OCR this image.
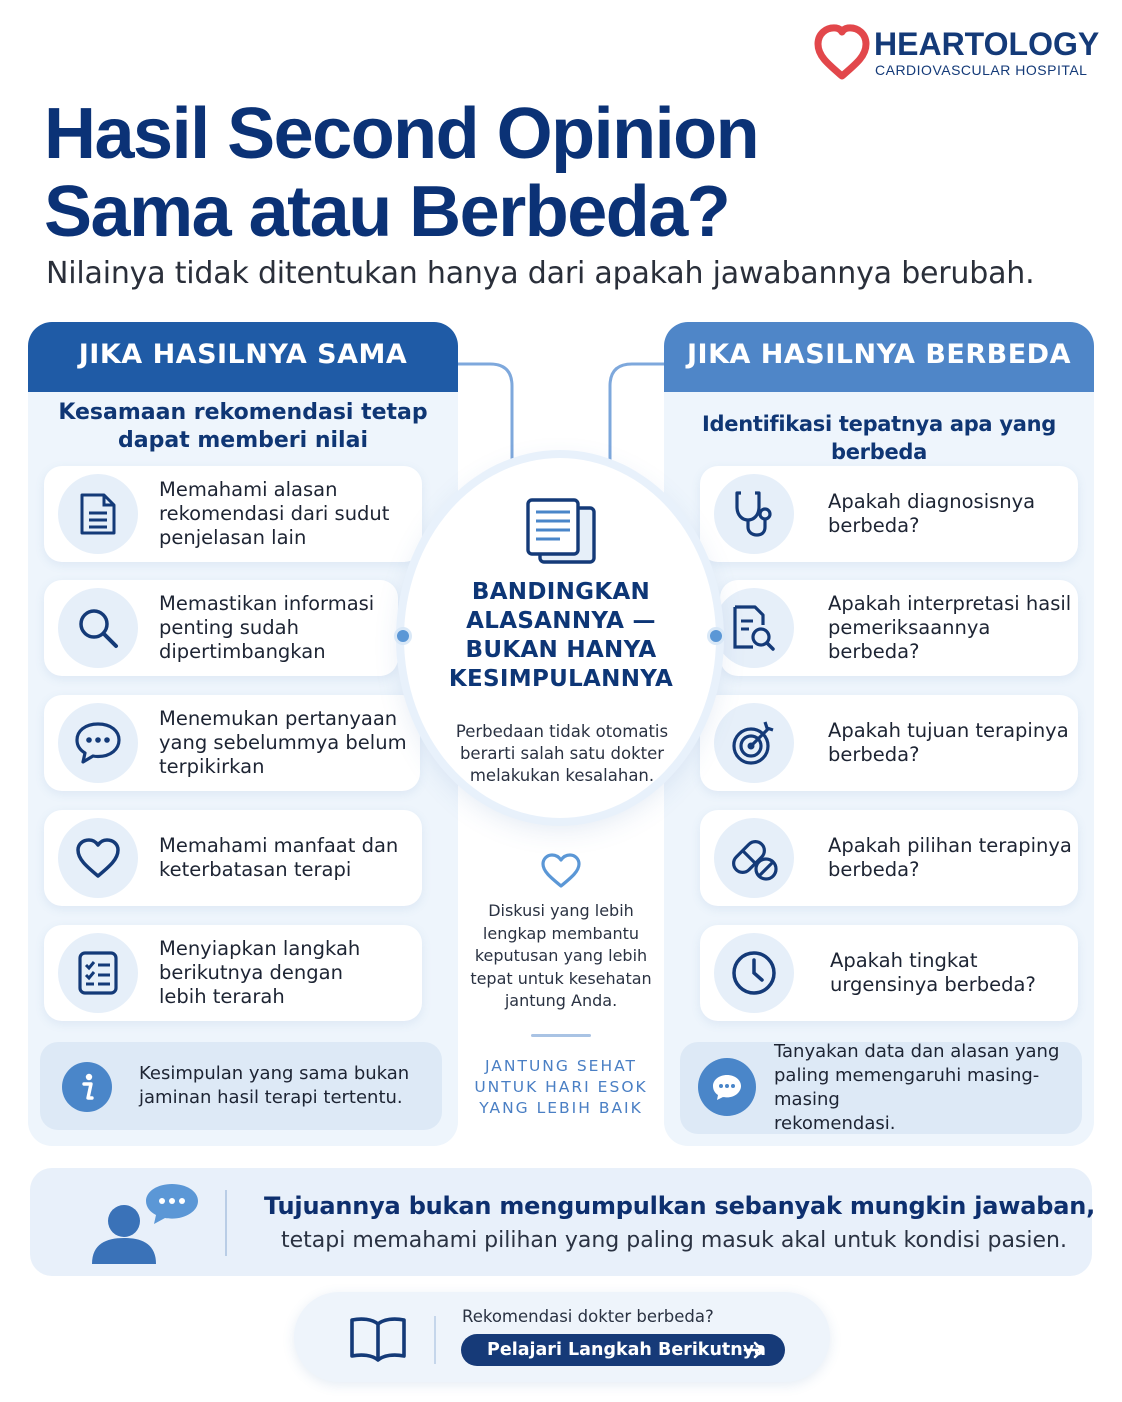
HEARTOLOGY
CARDIOVASCULAR HOSPITAL
Hasil Second Opinion
Sama atau Berbeda?
Nilainya tidak ditentukan hanya dari apakah jawabannya berubah.
JIKA HASILNYA SAMA
Kesamaan rekomendasi tetap
dapat memberi nilai
Memahami alasan
rekomendasi dari sudut
penjelasan lain
Memastikan informasi
penting sudah
dipertimbangkan
Menemukan pertanyaan
yang sebelummya belum
terpikirkan
Memahami manfaat dan
keterbatasan terapi
Menyiapkan langkah
berikutnya dengan
lebih terarah
Kesimpulan yang sama bukan
jaminan hasil terapi tertentu.
JIKA HASILNYA BERBEDA
Identifikasi tepatnya apa yang berbeda
Apakah diagnosisnya
berbeda?
Apakah interpretasi hasil
pemeriksaannya
berbeda?
Apakah tujuan terapinya
berbeda?
Apakah pilihan terapinya
berbeda?
Apakah tingkat
urgensinya berbeda?
Tanyakan data dan alasan yang
paling memengaruhi masing-masing
rekomendasi.
BANDINGKAN
ALASANNYA —
BUKAN HANYA
KESIMPULANNYA
Perbedaan tidak otomatis
berarti salah satu dokter
melakukan kesalahan.
Diskusi yang lebih
lengkap membantu
keputusan yang lebih
tepat untuk kesehatan
jantung Anda.
JANTUNG SEHAT
UNTUK HARI ESOK
YANG LEBIH BAIK
Tujuannya bukan mengumpulkan sebanyak mungkin jawaban,
tetapi memahami pilihan yang paling masuk akal untuk kondisi pasien.
Rekomendasi dokter berbeda?
Pelajari Langkah Berikutnya
